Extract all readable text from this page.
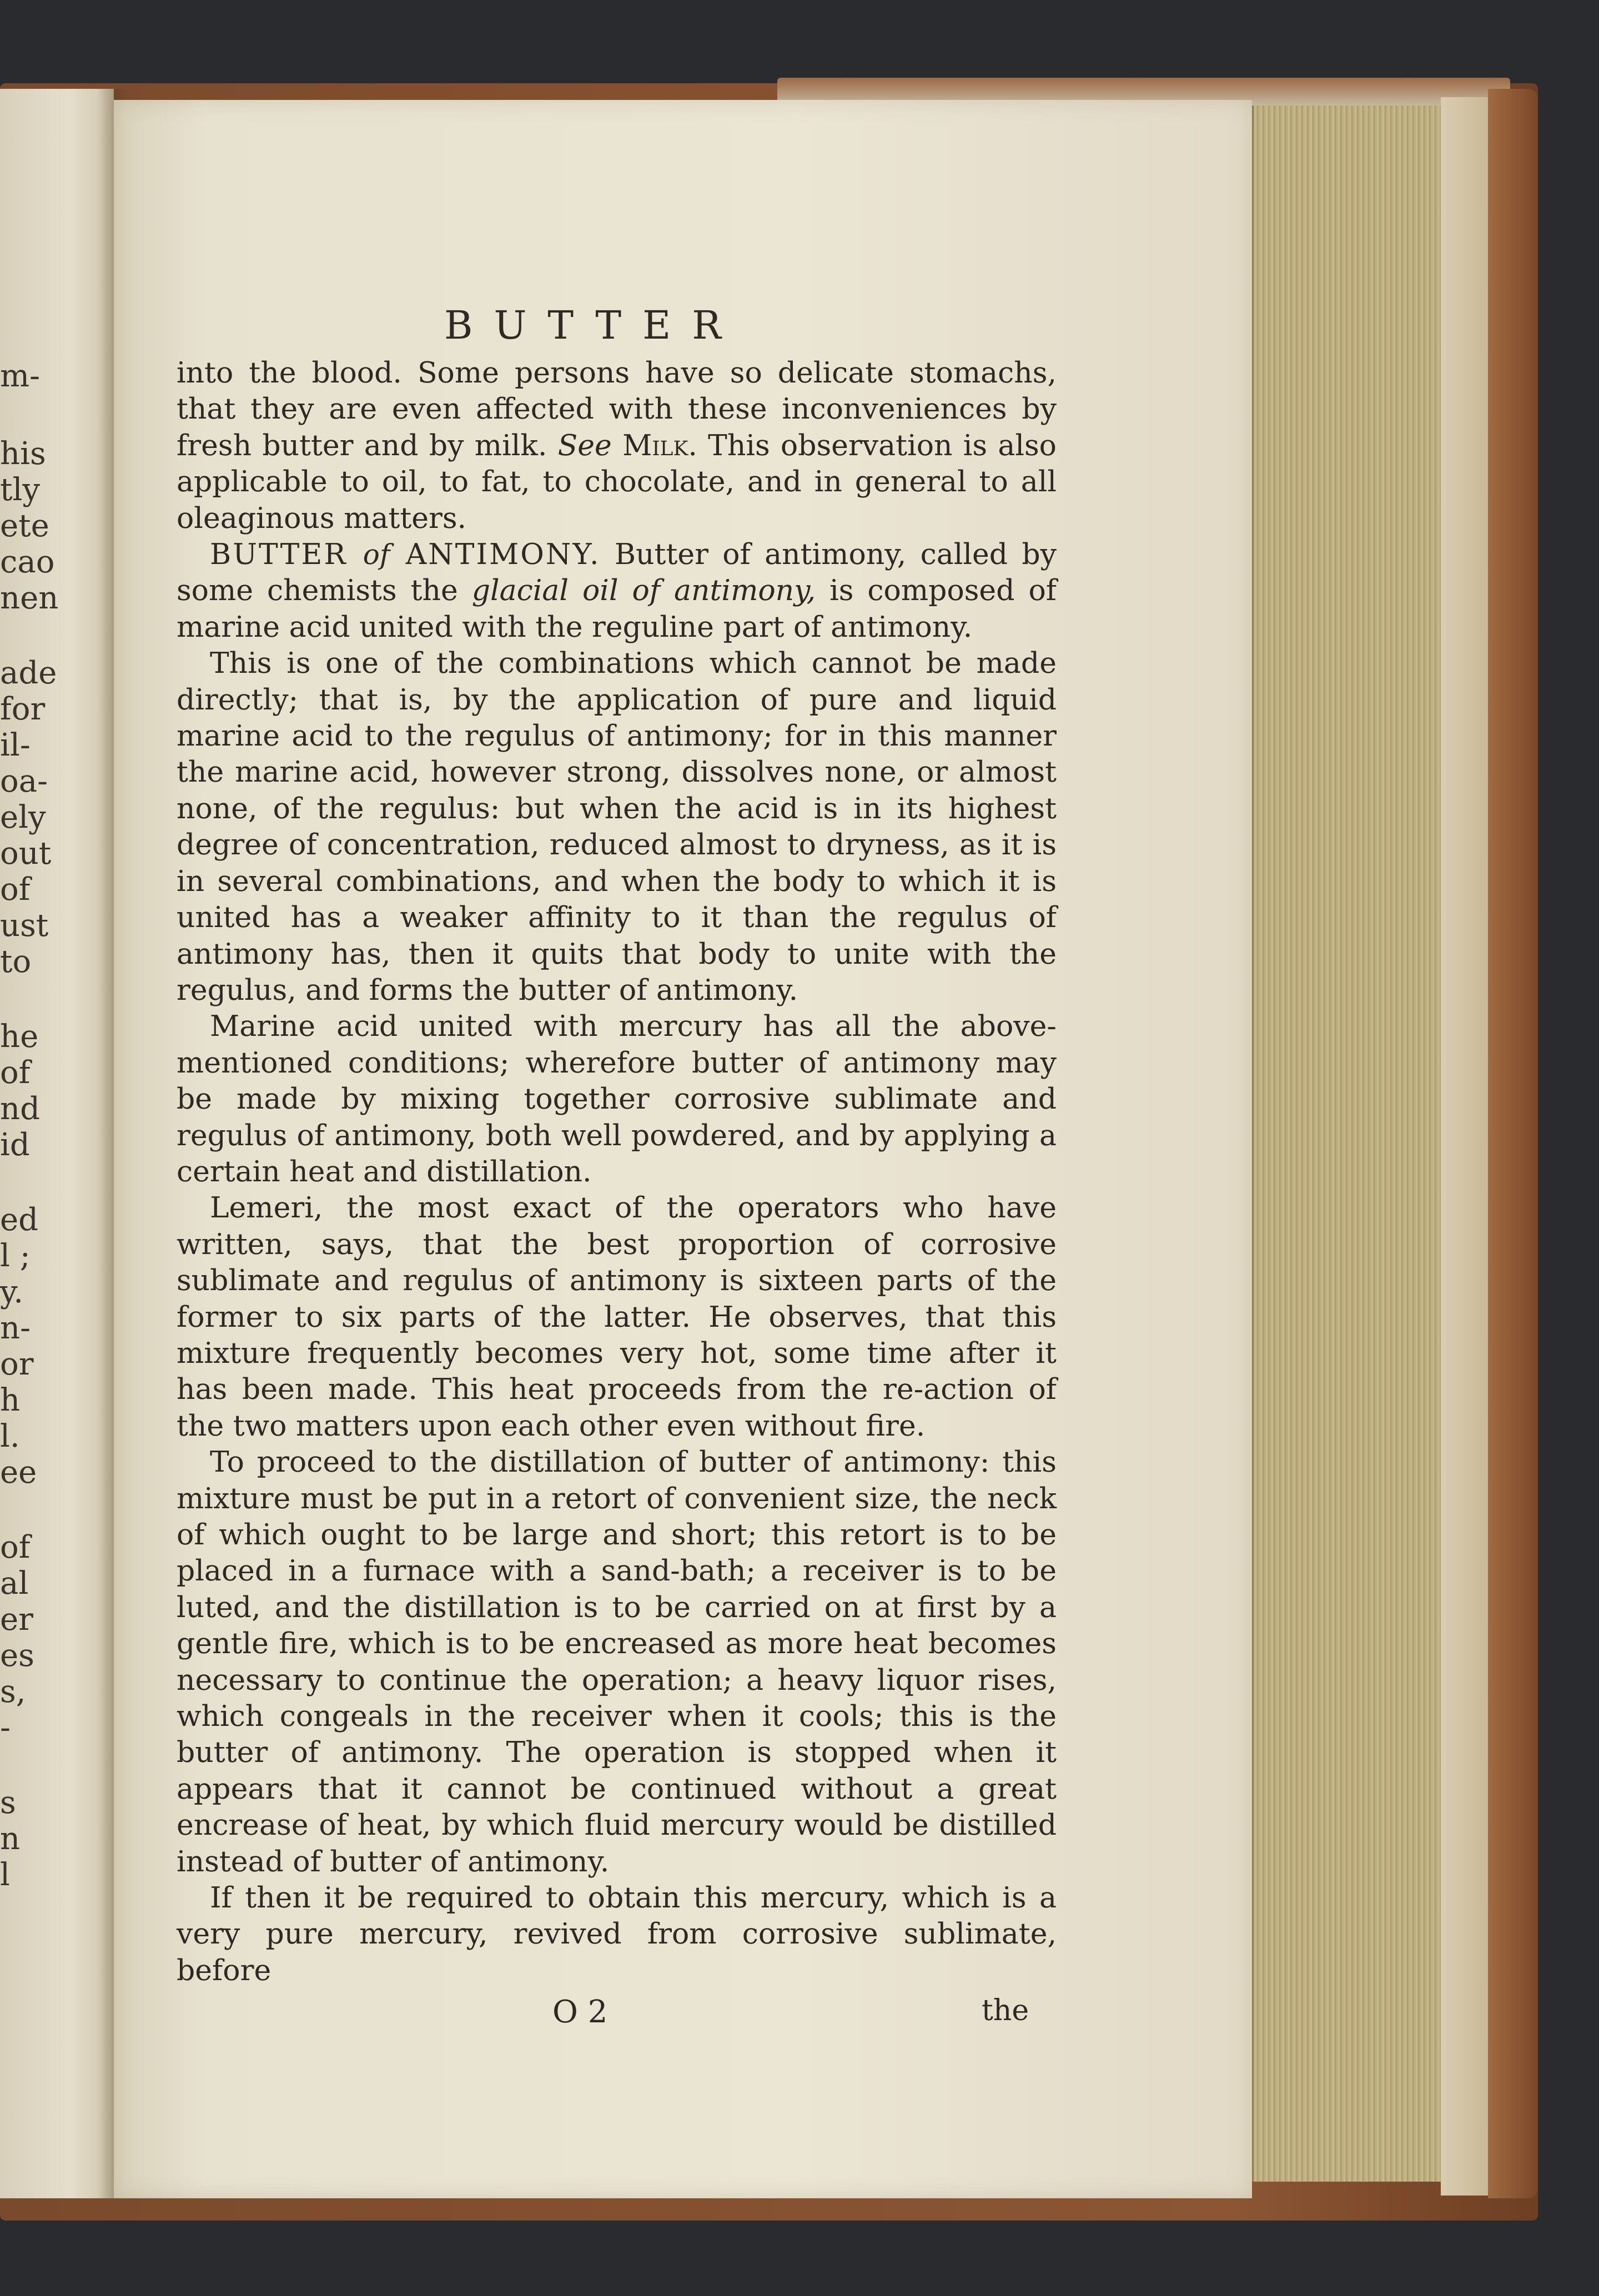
m-
his
tly
ete
cao
nen
ade
for
il-
oa-
ely
out
of
ust
to
he
of
nd
id
ed
l ;
y.
n-
or
h
l.
ee
of
al
er
es
s,
-
s
n
l
BUTTER

into the blood. Some persons have so delicate stomachs, that they are even affected with these inconveniences by fresh butter and by milk. See Milk. This observation is also applicable to oil, to fat, to chocolate, and in general to all oleaginous matters.

BUTTER of ANTIMONY. Butter of antimony, called by some chemists the glacial oil of antimony, is composed of marine acid united with the reguline part of antimony.

This is one of the combinations which cannot be made directly; that is, by the application of pure and liquid marine acid to the regulus of antimony; for in this manner the marine acid, however strong, dissolves none, or almost none, of the regulus: but when the acid is in its highest degree of concentration, reduced almost to dryness, as it is in several combinations, and when the body to which it is united has a weaker affinity to it than the regulus of antimony has, then it quits that body to unite with the regulus, and forms the butter of antimony.

Marine acid united with mercury has all the above-mentioned conditions; wherefore butter of antimony may be made by mixing together corrosive sublimate and regulus of antimony, both well powdered, and by applying a certain heat and distillation.

Lemeri, the most exact of the operators who have written, says, that the best proportion of corrosive sublimate and regulus of antimony is sixteen parts of the former to six parts of the latter. He observes, that this mixture frequently becomes very hot, some time after it has been made. This heat proceeds from the re-action of the two matters upon each other even without fire.

To proceed to the distillation of butter of antimony: this mixture must be put in a retort of convenient size, the neck of which ought to be large and short; this retort is to be placed in a furnace with a sand-bath; a receiver is to be luted, and the distillation is to be carried on at first by a gentle fire, which is to be encreased as more heat becomes necessary to continue the operation; a heavy liquor rises, which congeals in the receiver when it cools; this is the butter of antimony. The operation is stopped when it appears that it cannot be continued without a great encrease of heat, by which fluid mercury would be distilled instead of butter of antimony.

If then it be required to obtain this mercury, which is a very pure mercury, revived from corrosive sublimate, before

O 2	the
